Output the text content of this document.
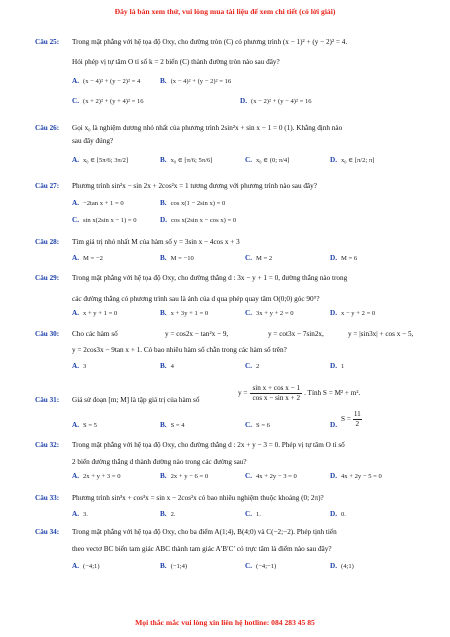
Đây là bản xem thử, vui lòng mua tài liệu để xem chi tiết (có lời giải)
Câu 25: Trong mặt phẳng với hệ tọa độ Oxy, cho đường tròn (C) có phương trình (x − 1)² + (y − 2)² = 4.
Hỏi phép vị tự tâm O tỉ số k = 2 biến (C) thành đường tròn nào sau đây?
A. (x − 4)² + (y − 2)² = 4	B. (x − 4)² + (y − 2)² = 16
C. (x + 2)² + (y + 4)² = 16	D. (x − 2)² + (y − 4)² = 16
Câu 26: Gọi x₀ là nghiệm dương nhỏ nhất của phương trình 2sin²x + sin x − 1 = 0 (1). Khẳng định nào
sau đây đúng?
A. x₀ ∈ [5π/6; 3π/2]	B. x₀ ∈ [π/6; 5π/6]	C. x₀ ∈ (0; π/4]	D. x₀ ∈ [π/2; π]
Câu 27: Phương trình sin²x − sin 2x + 2cos²x = 1 tương đương với phương trình nào sau đây?
A. −2tan x + 1 = 0	B. cos x(1 − 2sin x) = 0
C. sin x(2sin x − 1) = 0	D. cos x(2sin x − cos x) = 0
Câu 28: Tìm giá trị nhỏ nhất M của hàm số y = 3sin x − 4cos x + 3
A. M = −2	B. M = −10	C. M = 2	D. M = 6
Câu 29: Trong mặt phẳng với hệ tọa độ Oxy, cho đường thẳng d : 3x − y + 1 = 0, đường thẳng nào trong
các đường thẳng có phương trình sau là ảnh của d qua phép quay tâm O(0;0) góc 90°?
A. x + y + 1 = 0	B. x + 3y + 1 = 0	C. 3x + y + 2 = 0	D. x − y + 2 = 0
Câu 30: Cho các hàm số	y = cos2x − tan²x − 9,	y = cot3x − 7sin2x,	y = |sin3x| + cos x − 5,
y = 2cos3x − 9tan x + 1. Có bao nhiêu hàm số chẵn trong các hàm số trên?
A. 3	B. 4	C. 2	D. 1
Câu 31: Giả sử đoạn [m; M] là tập giá trị của hàm số
$y = \frac{\text{sin x + cos x − 1}}{\text{cos x − sin x + 2}}$ . Tính S = M² + m².
A. S = 5	B. S = 4	C. S = 6	D.
$S = \frac{11}{2}$
Câu 32: Trong mặt phẳng với hệ tọa độ Oxy, cho đường thẳng d : 2x + y − 3 = 0. Phép vị tự tâm O tỉ số
2 biến đường thẳng d thành đường nào trong các đường sau?
A. 2x + y + 3 = 0	B. 2x + y − 6 = 0	C. 4x + 2y − 3 = 0	D. 4x + 2y − 5 = 0
Câu 33: Phương trình sin³x + cos³x = sin x − 2cos²x có bao nhiêu nghiệm thuộc khoảng (0; 2π)?
A. 3.	B. 2.	C. 1.	D. 0.
Câu 34: Trong mặt phẳng với hệ tọa độ Oxy, cho ba điểm A(1;4), B(4;0) và C(−2;−2). Phép tịnh tiến
theo vectơ BC biến tam giác ABC thành tam giác A′B′C′ có trực tâm là điểm nào sau đây?
A. (−4;1)	B. (−1;4)	C. (−4;−1)	D. (4;1)
Mọi thắc mắc vui lòng xin liên hệ hotline: 084 283 45 85
